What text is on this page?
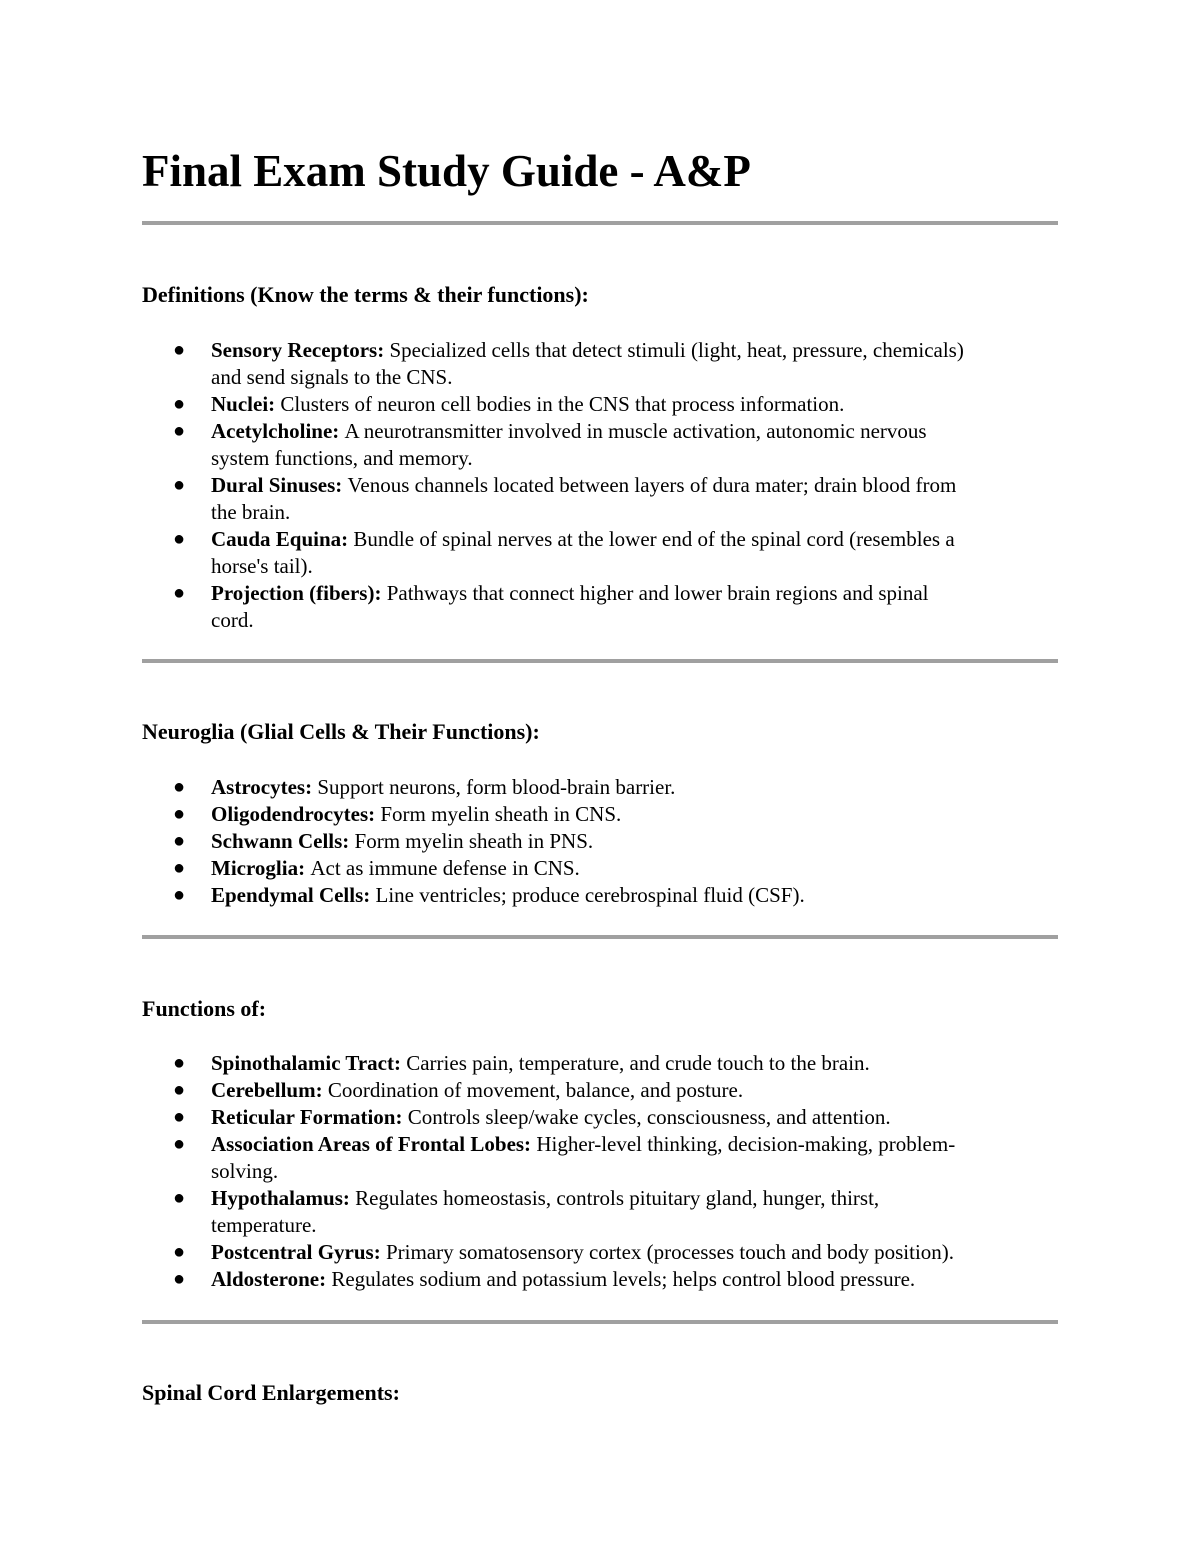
Final Exam Study Guide - A&P
Definitions (Know the terms & their functions):
● Sensory Receptors: Specialized cells that detect stimuli (light, heat, pressure, chemicals)
and send signals to the CNS.
● Nuclei: Clusters of neuron cell bodies in the CNS that process information.
● Acetylcholine: A neurotransmitter involved in muscle activation, autonomic nervous
system functions, and memory.
● Dural Sinuses: Venous channels located between layers of dura mater; drain blood from
the brain.
● Cauda Equina: Bundle of spinal nerves at the lower end of the spinal cord (resembles a
horse's tail).
● Projection (fibers): Pathways that connect higher and lower brain regions and spinal
cord.
Neuroglia (Glial Cells & Their Functions):
● Astrocytes: Support neurons, form blood-brain barrier.
● Oligodendrocytes: Form myelin sheath in CNS.
● Schwann Cells: Form myelin sheath in PNS.
● Microglia: Act as immune defense in CNS.
● Ependymal Cells: Line ventricles; produce cerebrospinal fluid (CSF).
Functions of:
● Spinothalamic Tract: Carries pain, temperature, and crude touch to the brain.
● Cerebellum: Coordination of movement, balance, and posture.
● Reticular Formation: Controls sleep/wake cycles, consciousness, and attention.
● Association Areas of Frontal Lobes: Higher-level thinking, decision-making, problem-
solving.
● Hypothalamus: Regulates homeostasis, controls pituitary gland, hunger, thirst,
temperature.
● Postcentral Gyrus: Primary somatosensory cortex (processes touch and body position).
● Aldosterone: Regulates sodium and potassium levels; helps control blood pressure.
Spinal Cord Enlargements:
